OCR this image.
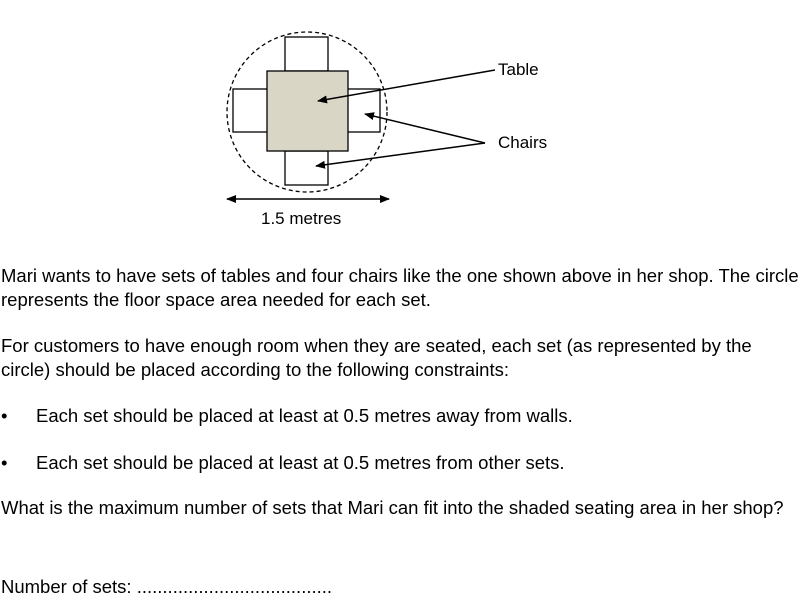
Table
Chairs
1.5 metres

Mari wants to have sets of tables and four chairs like the one shown above in her shop. The circle represents the floor space area needed for each set.

For customers to have enough room when they are seated, each set (as represented by the circle) should be placed according to the following constraints:

• Each set should be placed at least at 0.5 metres away from walls.
• Each set should be placed at least at 0.5 metres from other sets.

What is the maximum number of sets that Mari can fit into the shaded seating area in her shop?

Number of sets: ......................................
